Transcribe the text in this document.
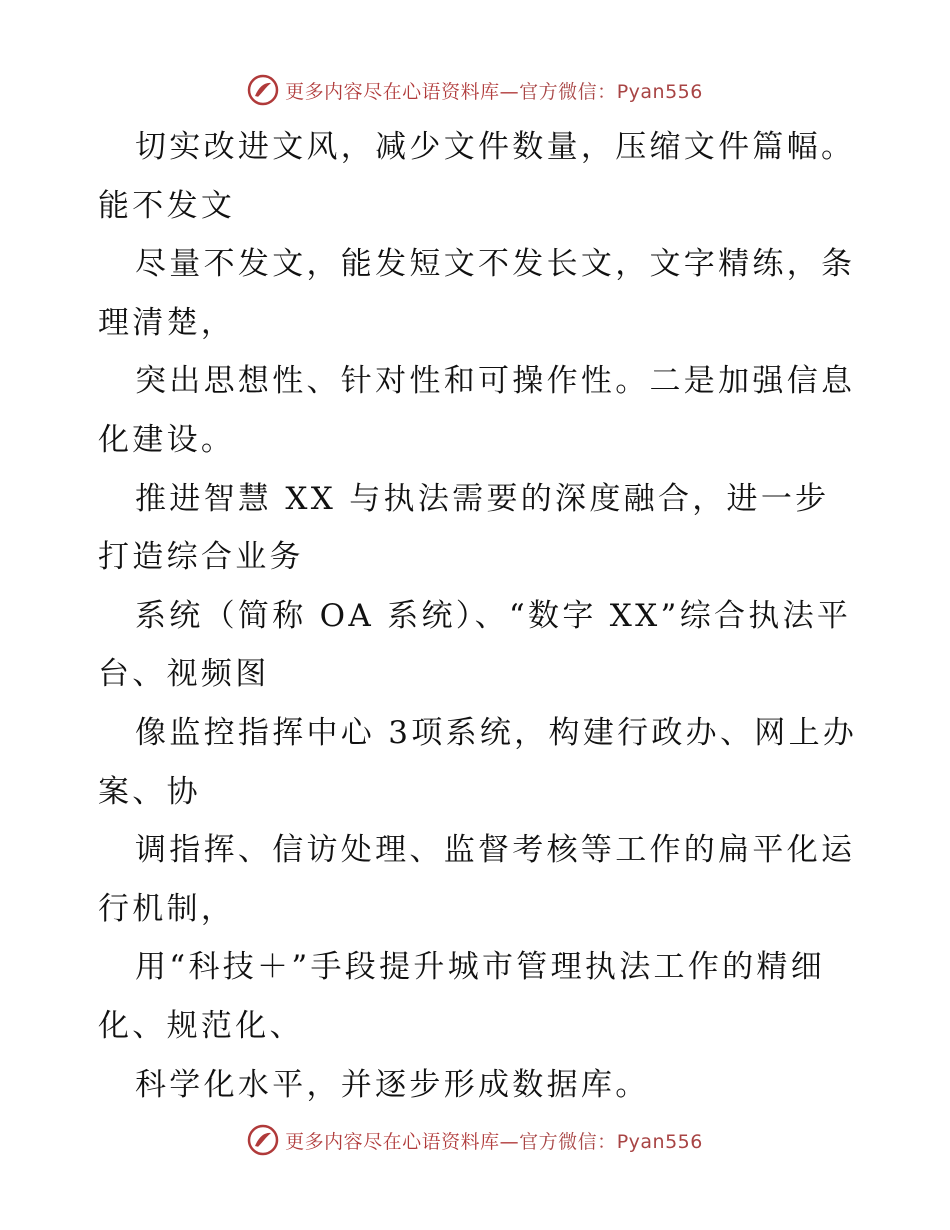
更多内容尽在心语资料库—官方微信：Pyan556

切实改进文风，减少文件数量，压缩文件篇幅。能不发文

尽量不发文，能发短文不发长文，文字精练，条理清楚，

突出思想性、针对性和可操作性。二是加强信息化建设。

推进智慧 XX 与执法需要的深度融合，进一步打造综合业务

系统（简称 OA 系统）、“数字 XX”综合执法平台、视频图

像监控指挥中心 3项系统，构建行政办、网上办案、协

调指挥、信访处理、监督考核等工作的扁平化运行机制，

用“科技＋”手段提升城市管理执法工作的精细化、规范化、

科学化水平，并逐步形成数据库。

更多内容尽在心语资料库—官方微信：Pyan556
